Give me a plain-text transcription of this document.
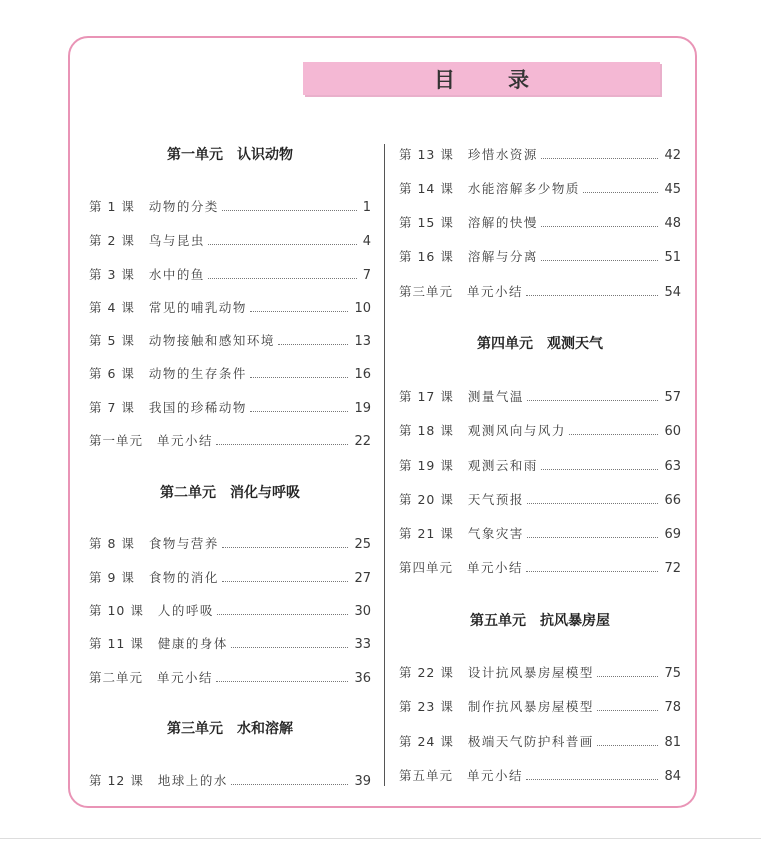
目　录
第一单元　认识动物
第 1 课 动物的分类	1
第 2 课 鸟与昆虫	4
第 3 课 水中的鱼	7
第 4 课 常见的哺乳动物	10
第 5 课 动物接触和感知环境	13
第 6 课 动物的生存条件	16
第 7 课 我国的珍稀动物	19
第一单元 单元小结	22
第二单元　消化与呼吸
第 8 课 食物与营养	25
第 9 课 食物的消化	27
第 10 课 人的呼吸	30
第 11 课 健康的身体	33
第二单元 单元小结	36
第三单元　水和溶解
第 12 课 地球上的水	39
第 13 课 珍惜水资源	42
第 14 课 水能溶解多少物质	45
第 15 课 溶解的快慢	48
第 16 课 溶解与分离	51
第三单元 单元小结	54
第四单元　观测天气
第 17 课 测量气温	57
第 18 课 观测风向与风力	60
第 19 课 观测云和雨	63
第 20 课 天气预报	66
第 21 课 气象灾害	69
第四单元 单元小结	72
第五单元　抗风暴房屋
第 22 课 设计抗风暴房屋模型	75
第 23 课 制作抗风暴房屋模型	78
第 24 课 极端天气防护科普画	81
第五单元 单元小结	84
